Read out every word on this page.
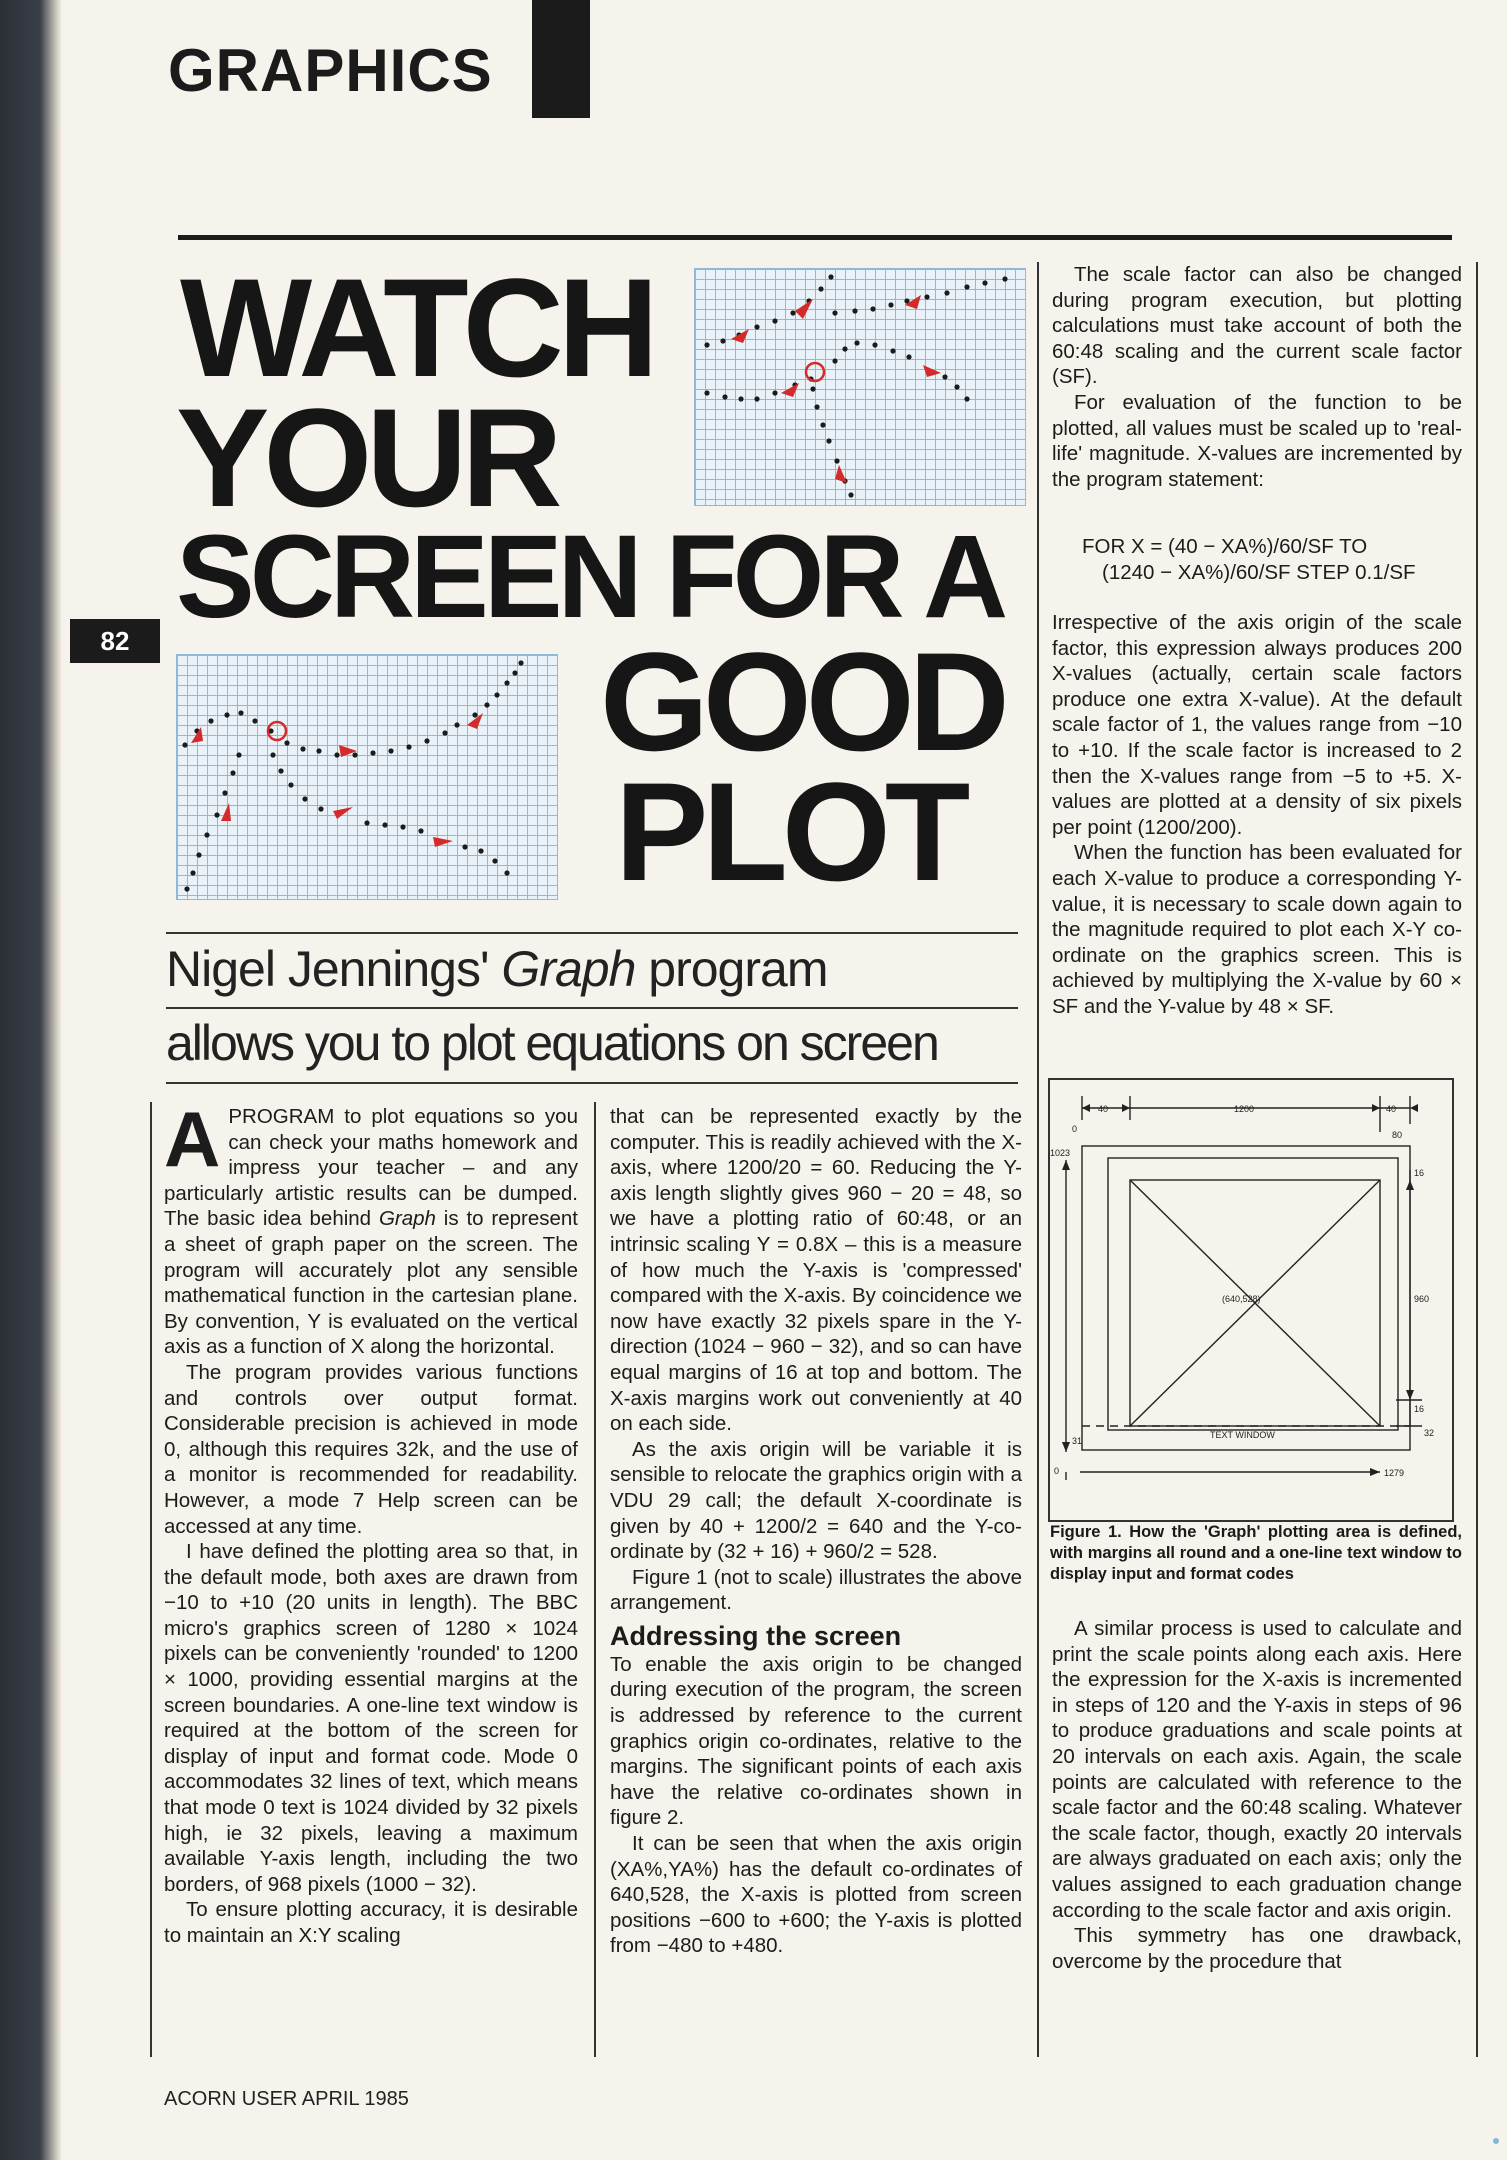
GRAPHICS
82
WATCH
YOUR
SCREEN FOR A
GOOD
PLOT
Nigel Jennings' Graph program
allows you to plot equations on screen

APROGRAM to plot equations so you can check your maths homework and impress your teacher – and any particularly artistic results can be dumped. The basic idea behind Graph is to represent a sheet of graph paper on the screen. The program will accurately plot any sensible mathematical function in the cartesian plane. By convention, Y is evaluated on the vertical axis as a function of X along the horizontal.

The program provides various functions and controls over output format. Considerable precision is achieved in mode 0, although this requires 32k, and the use of a monitor is recommended for readability. However, a mode 7 Help screen can be accessed at any time.

I have defined the plotting area so that, in the default mode, both axes are drawn from −10 to +10 (20 units in length). The BBC micro's graphics screen of 1280 × 1024 pixels can be conveniently 'rounded' to 1200 × 1000, providing essential margins at the screen boundaries. A one-line text window is required at the bottom of the screen for display of input and format code. Mode 0 accommodates 32 lines of text, which means that mode 0 text is 1024 divided by 32 pixels high, ie 32 pixels, leaving a maximum available Y-axis length, including the two borders, of 968 pixels (1000 − 32).

To ensure plotting accuracy, it is desirable to maintain an X:Y scaling

that can be represented exactly by the computer. This is readily achieved with the X-axis, where 1200/20 = 60. Reducing the Y-axis length slightly gives 960 − 20 = 48, so we have a plotting ratio of 60:48, or an intrinsic scaling Y = 0.8X – this is a measure of how much the Y-axis is 'compressed' compared with the X-axis. By coincidence we now have exactly 32 pixels spare in the Y-direction (1024 − 960 − 32), and so can have equal margins of 16 at top and bottom. The X-axis margins work out conveniently at 40 on each side.

As the axis origin will be variable it is sensible to relocate the graphics origin with a VDU 29 call; the default X-coordinate is given by 40 + 1200/2 = 640 and the Y-co-ordinate by (32 + 16) + 960/2 = 528.

Figure 1 (not to scale) illustrates the above arrangement.

Addressing the screen

To enable the axis origin to be changed during execution of the program, the screen is addressed by reference to the current graphics origin co-ordinates, relative to the margins. The significant points of each axis have the relative co-ordinates shown in figure 2.

It can be seen that when the axis origin (XA%,YA%) has the default co-ordinates of 640,528, the X-axis is plotted from screen positions −600 to +600; the Y-axis is plotted from −480 to +480.

The scale factor can also be changed during program execution, but plotting calculations must take account of both the 60:48 scaling and the current scale factor (SF).

For evaluation of the function to be plotted, all values must be scaled up to 'real-life' magnitude. X-values are incremented by the program statement:

FOR X = (40 − XA%)/60/SF TO
(1240 − XA%)/60/SF STEP 0.1/SF

Irrespective of the axis origin of the scale factor, this expression always produces 200 X-values (actually, certain scale factors produce one extra X-value). At the default scale factor of 1, the values range from −10 to +10. If the scale factor is increased to 2 then the X-values range from −5 to +5. X-values are plotted at a density of six pixels per point (1200/200).

When the function has been evaluated for each X-value to produce a corresponding Y-value, it is necessary to scale down again to the magnitude required to plot each X-Y co-ordinate on the graphics screen. This is achieved by multiplying the X-value by 60 × SF and the Y-value by 48 × SF.

40	1200	40
0
80
1023
16
(640,528)	960
16
32
31
TEXT WINDOW
0	1279
Figure 1. How the 'Graph' plotting area is defined, with margins all round and a one-line text window to display input and format codes

A similar process is used to calculate and print the scale points along each axis. Here the expression for the X-axis is incremented in steps of 120 and the Y-axis in steps of 96 to produce graduations and scale points at 20 intervals on each axis. Again, the scale points are calculated with reference to the scale factor and the 60:48 scaling. Whatever the scale factor, though, exactly 20 intervals are always graduated on each axis; only the values assigned to each graduation change according to the scale factor and axis origin.

This symmetry has one drawback, overcome by the procedure that

ACORN USER APRIL 1985
